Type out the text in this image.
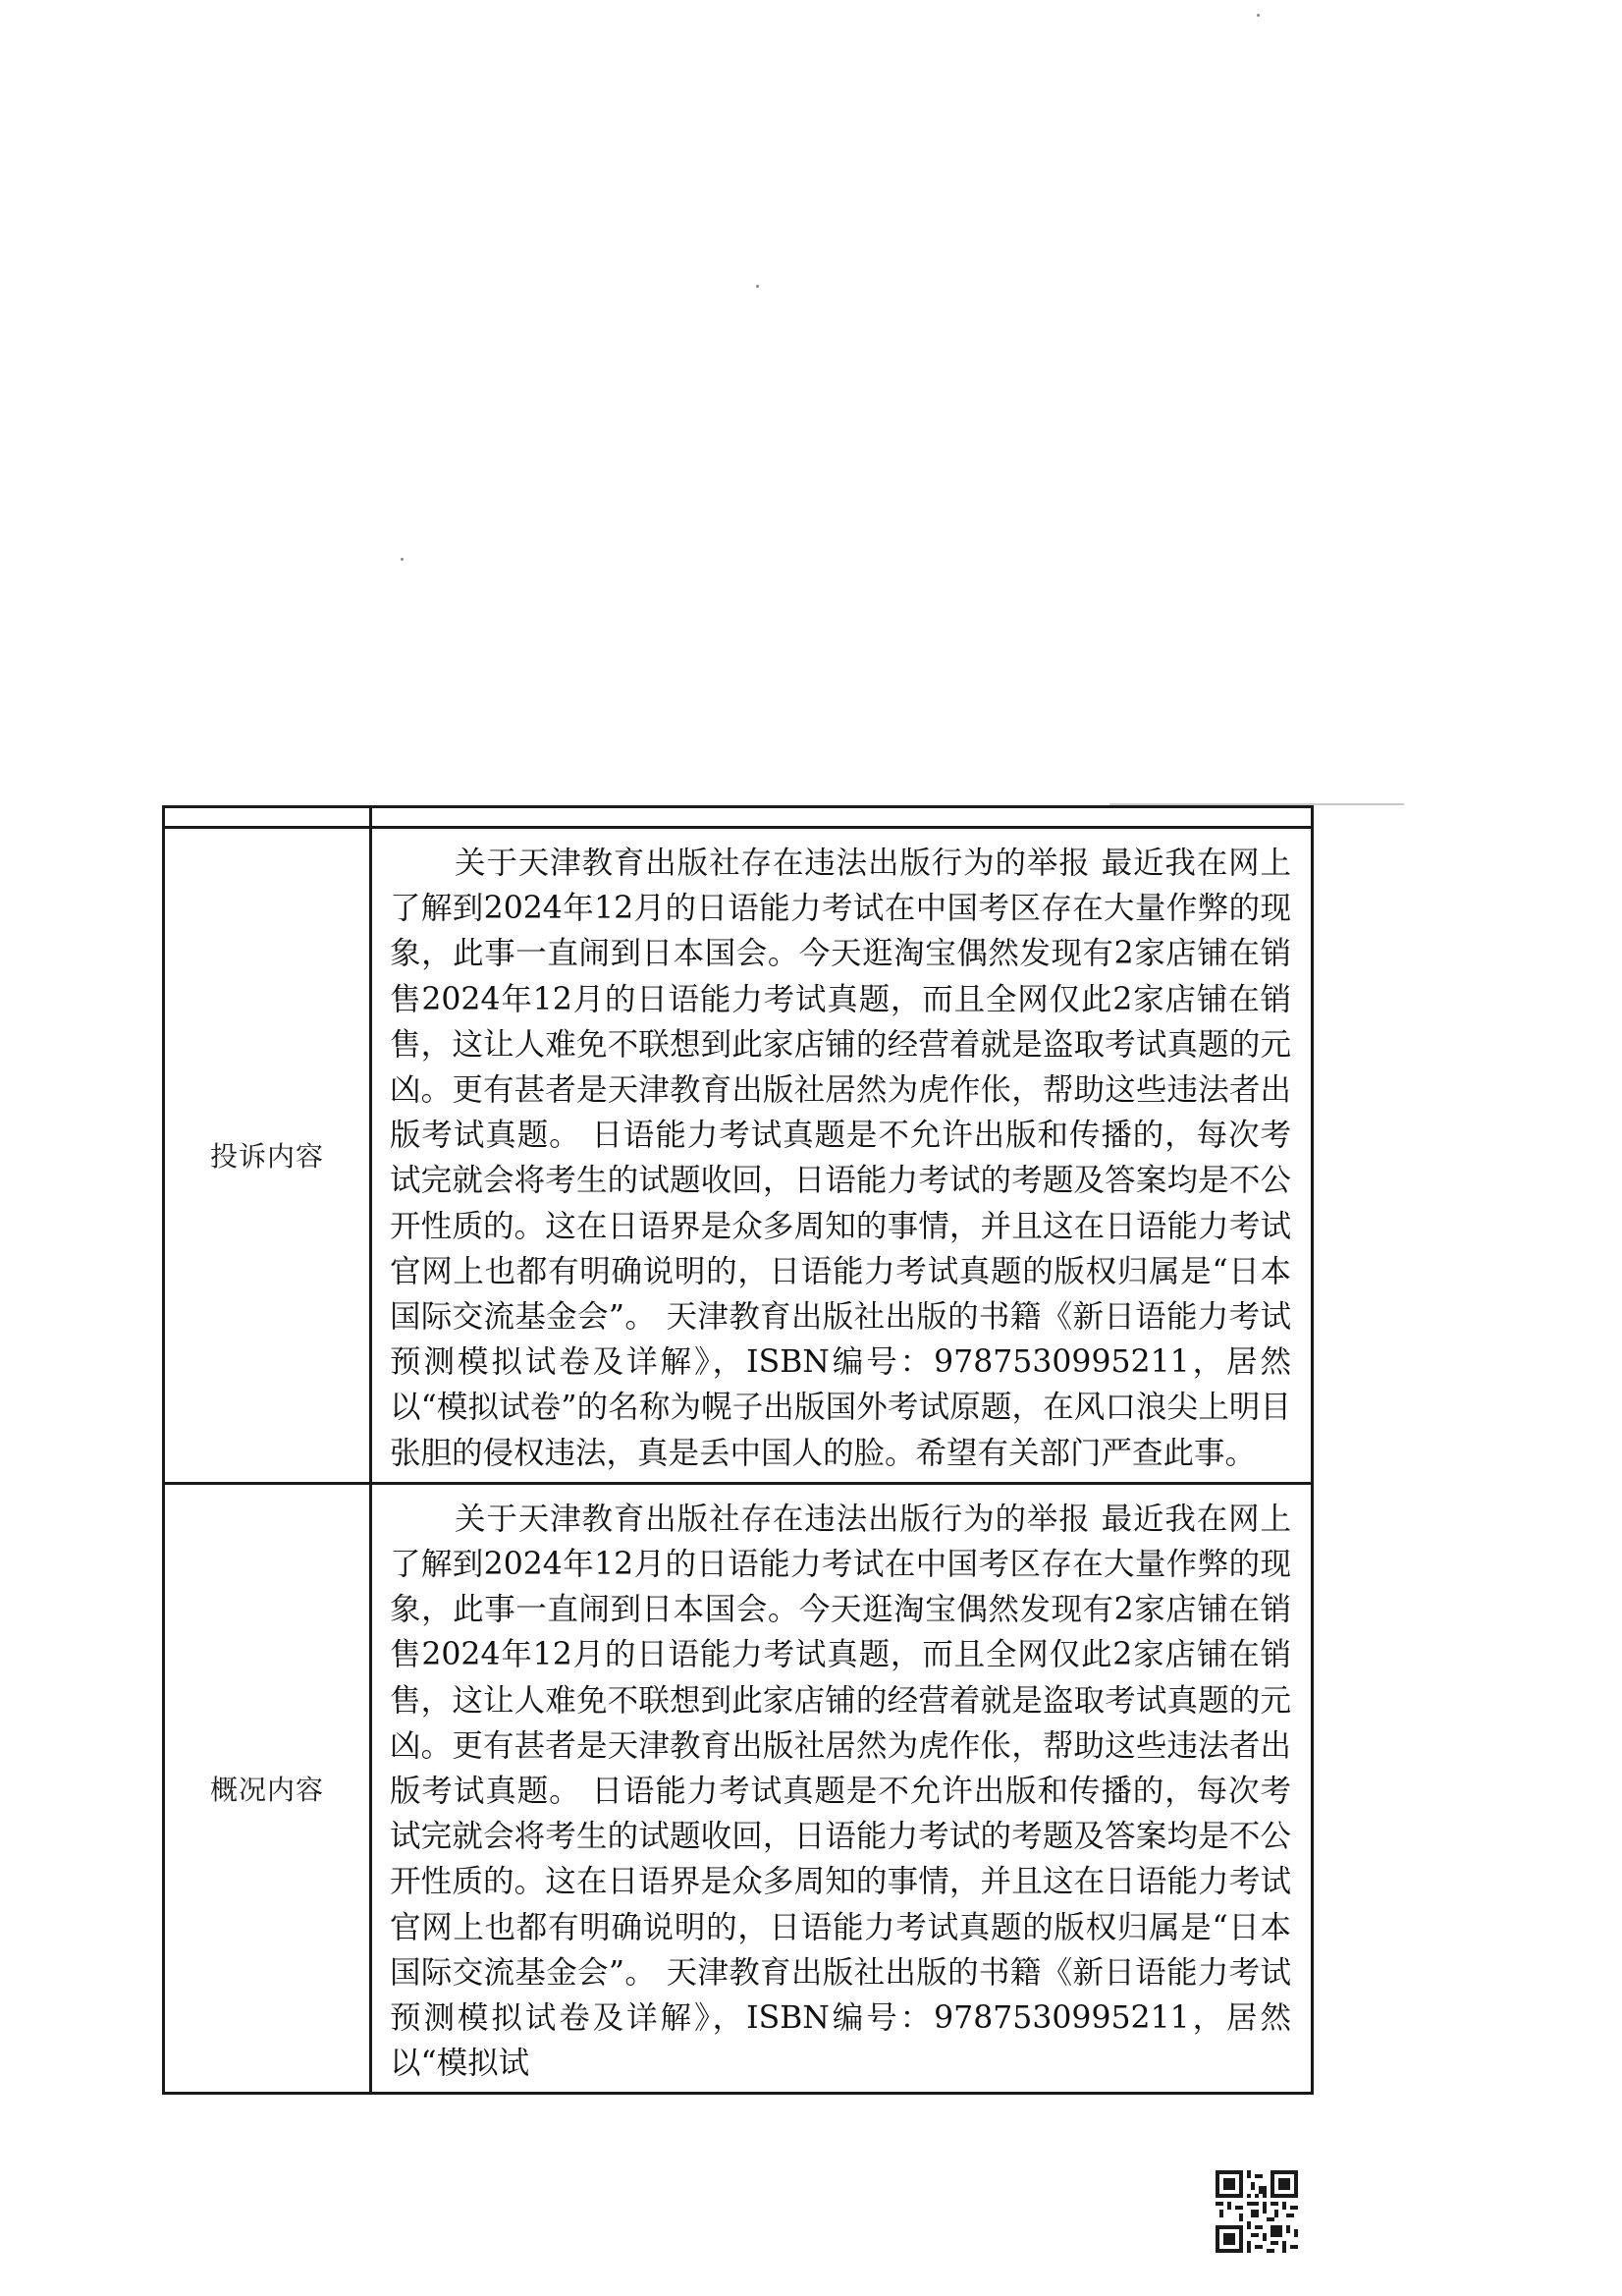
投诉内容	关于天津教育出版社存在违法出版行为的举报 最近我在网上了解到2024年12月的日语能力考试在中国考区存在大量作弊的现象，此事一直闹到日本国会。今天逛淘宝偶然发现有2家店铺在销售2024年12月的日语能力考试真题，而且全网仅此2家店铺在销售，这让人难免不联想到此家店铺的经营着就是盗取考试真题的元凶。更有甚者是天津教育出版社居然为虎作伥，帮助这些违法者出版考试真题。 日语能力考试真题是不允许出版和传播的，每次考试完就会将考生的试题收回，日语能力考试的考题及答案均是不公开性质的。这在日语界是众多周知的事情，并且这在日语能力考试官网上也都有明确说明的，日语能力考试真题的版权归属是“日本国际交流基金会”。 天津教育出版社出版的书籍《新日语能力考试预测模拟试卷及详解》，ISBN编号：9787530995211，居然以“模拟试卷”的名称为幌子出版国外考试原题，在风口浪尖上明目张胆的侵权违法，真是丢中国人的脸。希望有关部门严查此事。
概况内容	关于天津教育出版社存在违法出版行为的举报 最近我在网上了解到2024年12月的日语能力考试在中国考区存在大量作弊的现象，此事一直闹到日本国会。今天逛淘宝偶然发现有2家店铺在销售2024年12月的日语能力考试真题，而且全网仅此2家店铺在销售，这让人难免不联想到此家店铺的经营着就是盗取考试真题的元凶。更有甚者是天津教育出版社居然为虎作伥，帮助这些违法者出版考试真题。 日语能力考试真题是不允许出版和传播的，每次考试完就会将考生的试题收回，日语能力考试的考题及答案均是不公开性质的。这在日语界是众多周知的事情，并且这在日语能力考试官网上也都有明确说明的，日语能力考试真题的版权归属是“日本国际交流基金会”。 天津教育出版社出版的书籍《新日语能力考试预测模拟试卷及详解》，ISBN编号：9787530995211，居然以“模拟试
